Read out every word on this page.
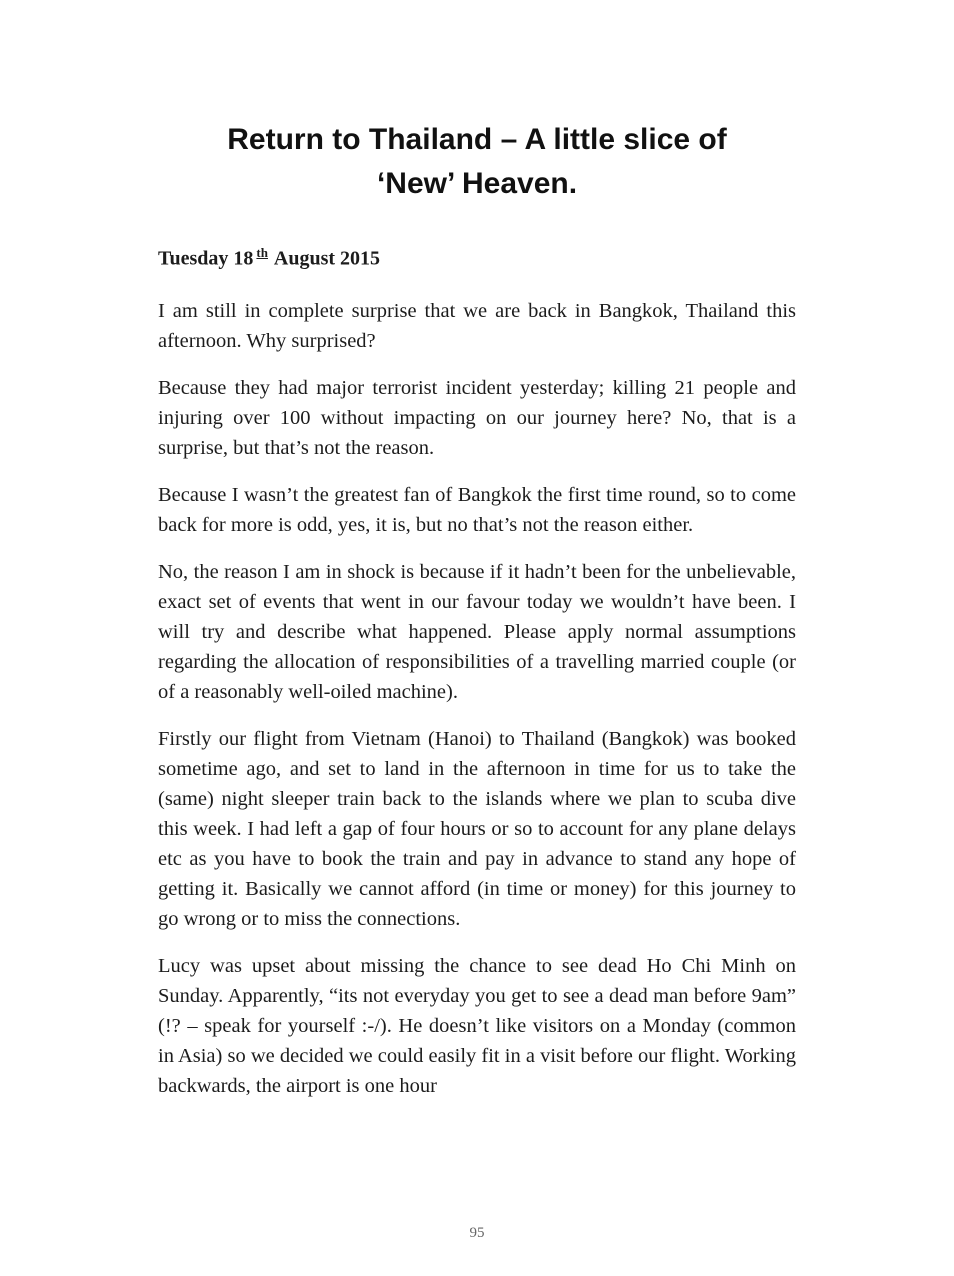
Return to Thailand – A little slice of
‘New’ Heaven.
Tuesday 18 $^{th}$ August 2015

I am still in complete surprise that we are back in Bangkok, Thailand this afternoon. Why surprised?

Because they had major terrorist incident yesterday; killing 21 people and injuring over 100 without impacting on our journey here? No, that is a surprise, but that’s not the reason.

Because I wasn’t the greatest fan of Bangkok the first time round, so to come back for more is odd, yes, it is, but no that’s not the reason either.

No, the reason I am in shock is because if it hadn’t been for the unbelievable, exact set of events that went in our favour today we wouldn’t have been. I will try and describe what happened. Please apply normal assumptions regarding the allocation of responsibilities of a travelling married couple (or of a reasonably well-oiled machine).

Firstly our flight from Vietnam (Hanoi) to Thailand (Bangkok) was booked sometime ago, and set to land in the afternoon in time for us to take the (same) night sleeper train back to the islands where we plan to scuba dive this week. I had left a gap of four hours or so to account for any plane delays etc as you have to book the train and pay in advance to stand any hope of getting it. Basically we cannot afford (in time or money) for this journey to go wrong or to miss the connections.

Lucy was upset about missing the chance to see dead Ho Chi Minh on Sunday. Apparently, “its not everyday you get to see a dead man before 9am” (!? – speak for yourself :-/). He doesn’t like visitors on a Monday (common in Asia) so we decided we could easily fit in a visit before our flight. Working backwards, the airport is one hour

95
